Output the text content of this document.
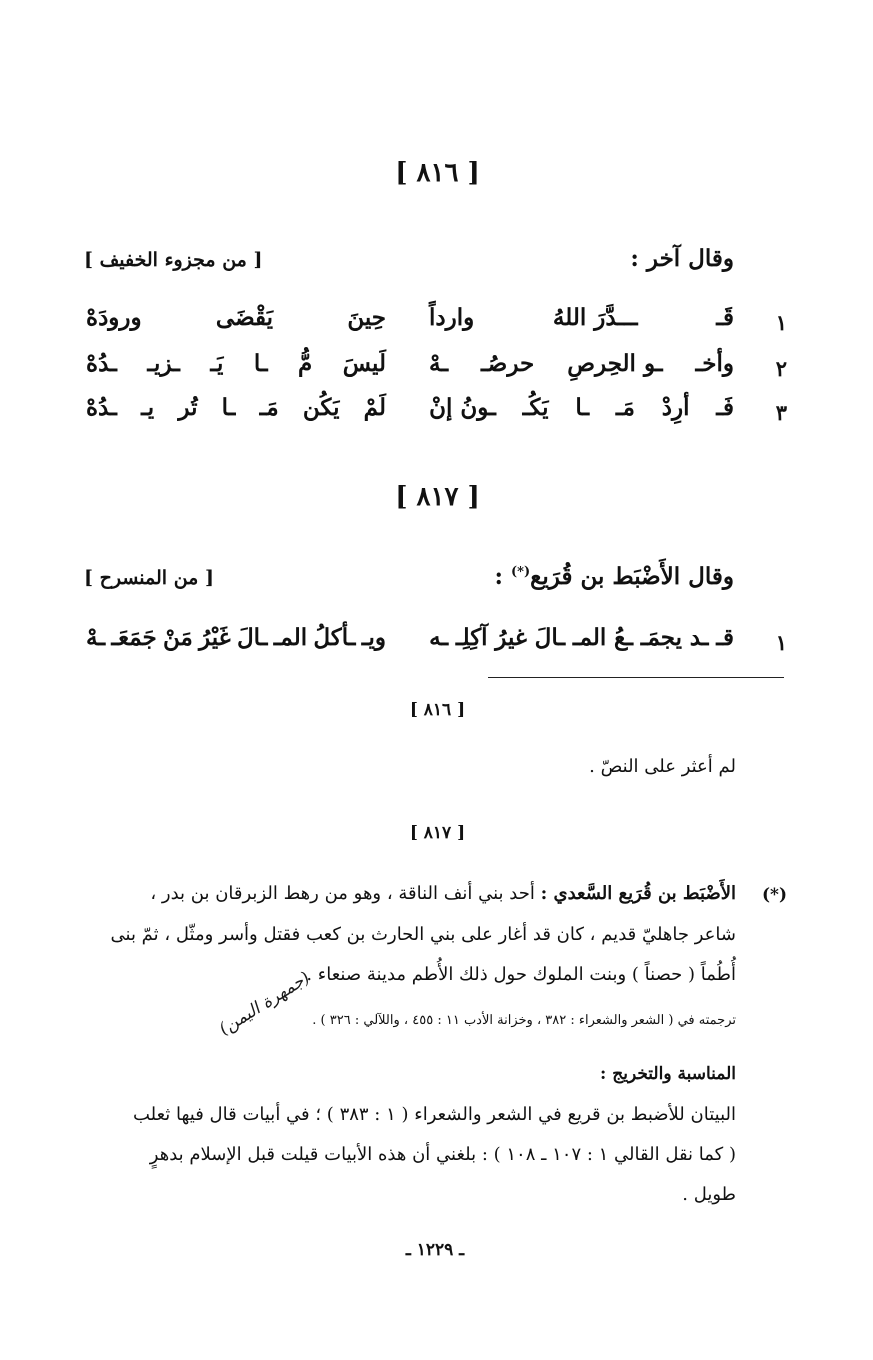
[ ٨١٦ ]
وقال آخر :
[ من مجزوء الخفيف ]
١
قَـ
ـــدَّرَ اللهُ
وارداً
حِينَ
يَقْضَى
ورودَهْ
٢
وأخـ
ـو الحِرصِ
حرصُـ
ـهْ
لَيسَ
مُّ
ـا
يَـ
ـزيـ
ـدُهْ
٣
فَـ
أرِدْ
مَـ
ـا
يَكُـ
ـونُ إنْ
لَمْ
يَكُن
مَـ
ـا
تُر
يـ
ـدُهْ
[ ٨١٧ ]
وقال الأَضْبَط بن قُرَيع(*) :
[ من المنسرح ]
١
قـ
ـد
يجمَـ
ـعُ
المـ
ـالَ
غيرُ
آكِلِـ
ـه
ويـ
ـأكلُ
المـ
ـالَ
غَيْرُ
مَنْ
جَمَعَـ
ـهْ
[ ٨١٦ ]
لم أعثر على النصّ .
[ ٨١٧ ]
(*)
الأَضْبَط بن قُرَيع السَّعدي : أحد بني أنف الناقة ، وهو من رهط الزبرقان بن بدر ،
شاعر جاهليّ قديم ، كان قد أغار على بني الحارث بن كعب فقتل وأسر ومثّل ، ثمّ بنى
أُطُماً ( حصناً ) وبنت الملوك حول ذلك الأُطم مدينة صنعاء .
(جمهرة اليمن)
ترجمته في ( الشعر والشعراء : ٣٨٢ ، وخزانة الأدب ١١ : ٤٥٥ ، واللآلي : ٣٢٦ ) .
المناسبة والتخريج :
البيتان للأضبط بن قريع في الشعر والشعراء ( ١ : ٣٨٣ ) ؛ في أبيات قال فيها ثعلب
( كما نقل القالي ١ : ١٠٧ ـ ١٠٨ ) : بلغني أن هذه الأبيات قيلت قبل الإسلام بدهرٍ
طويل .
ـ ١٢٢٩ ـ
